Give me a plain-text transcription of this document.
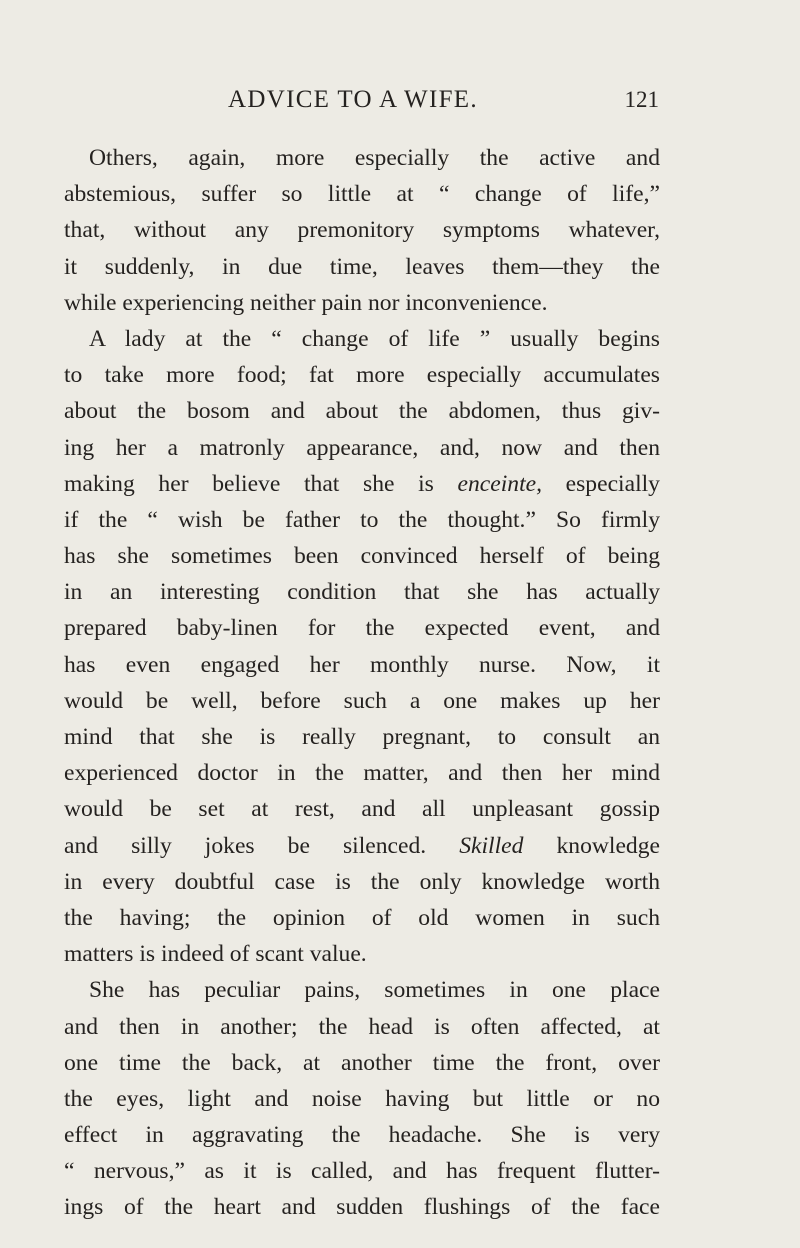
ADVICE TO A WIFE.	121
Others, again, more especially the active and
abstemious, suffer so little at “ change of life,”
that, without any premonitory symptoms whatever,
it suddenly, in due time, leaves them—they the
while experiencing neither pain nor inconvenience.
A lady at the “ change of life ” usually begins
to take more food; fat more especially accumulates
about the bosom and about the abdomen, thus giv-
ing her a matronly appearance, and, now and then
making her believe that she is enceinte, especially
if the “ wish be father to the thought.” So firmly
has she sometimes been convinced herself of being
in an interesting condition that she has actually
prepared baby-linen for the expected event, and
has even engaged her monthly nurse. Now, it
would be well, before such a one makes up her
mind that she is really pregnant, to consult an
experienced doctor in the matter, and then her mind
would be set at rest, and all unpleasant gossip
and silly jokes be silenced. Skilled knowledge
in every doubtful case is the only knowledge worth
the having; the opinion of old women in such
matters is indeed of scant value.
She has peculiar pains, sometimes in one place
and then in another; the head is often affected, at
one time the back, at another time the front, over
the eyes, light and noise having but little or no
effect in aggravating the headache. She is very
“ nervous,” as it is called, and has frequent flutter-
ings of the heart and sudden flushings of the face
